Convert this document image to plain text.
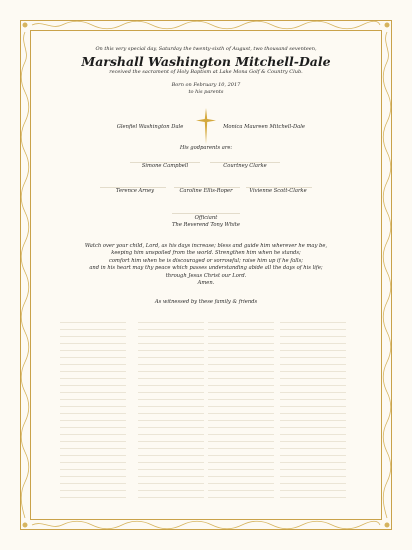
On this very special day, Saturday the twenty-sixth of August, two thousand seventeen,
Marshall Washington Mitchell-Dale
received the sacrament of Holy Baptism at Lake Mona Golf & Country Club.
Born on February 10, 2017
to his parents
Glenfiel Washington Dale	Monica Maureen Mitchell-Dale
His godparents are:
Simone Campbell	Courtney Clarke
Terence Arney	Caroline Ellis-Roper	Vivienne Scott-Clarke
Officiant
The Reverend Tony White
Watch over your child, Lord, as his days increase; bless and guide him wherever he may be,
keeping him unspoiled from the world. Strengthen him when he stands;
comfort him when he is discouraged or sorrowful; raise him up if he falls;
and in his heart may thy peace which passes understanding abide all the days of his life;
through Jesus Christ our Lord.
Amen.
As witnessed by these family & friends
